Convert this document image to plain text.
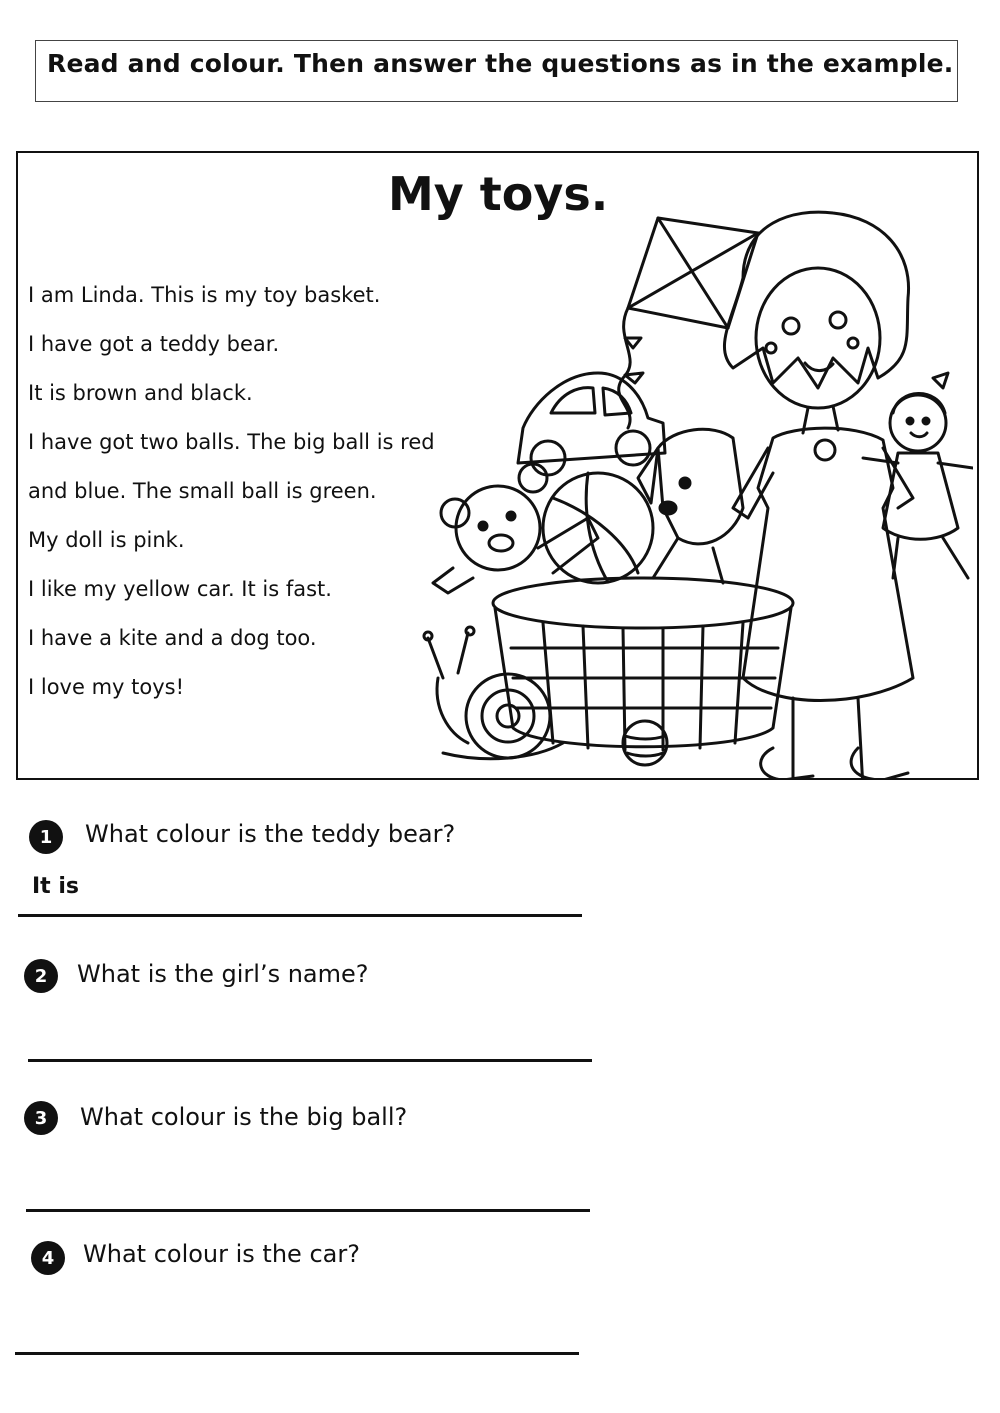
Read and colour. Then answer the questions as in the example.
My toys.
I am Linda. This is my toy basket.
I have got a teddy bear.
It is brown and black.
I have got two balls. The big ball is red
and blue. The small ball is green.
My doll is pink.
I like my yellow car. It is fast.
I have a kite and a dog too.
I love my toys!
1	What colour is the teddy bear?
It is
2	What is the girl’s name?
3	What colour is the big ball?
4	What colour is the car?
